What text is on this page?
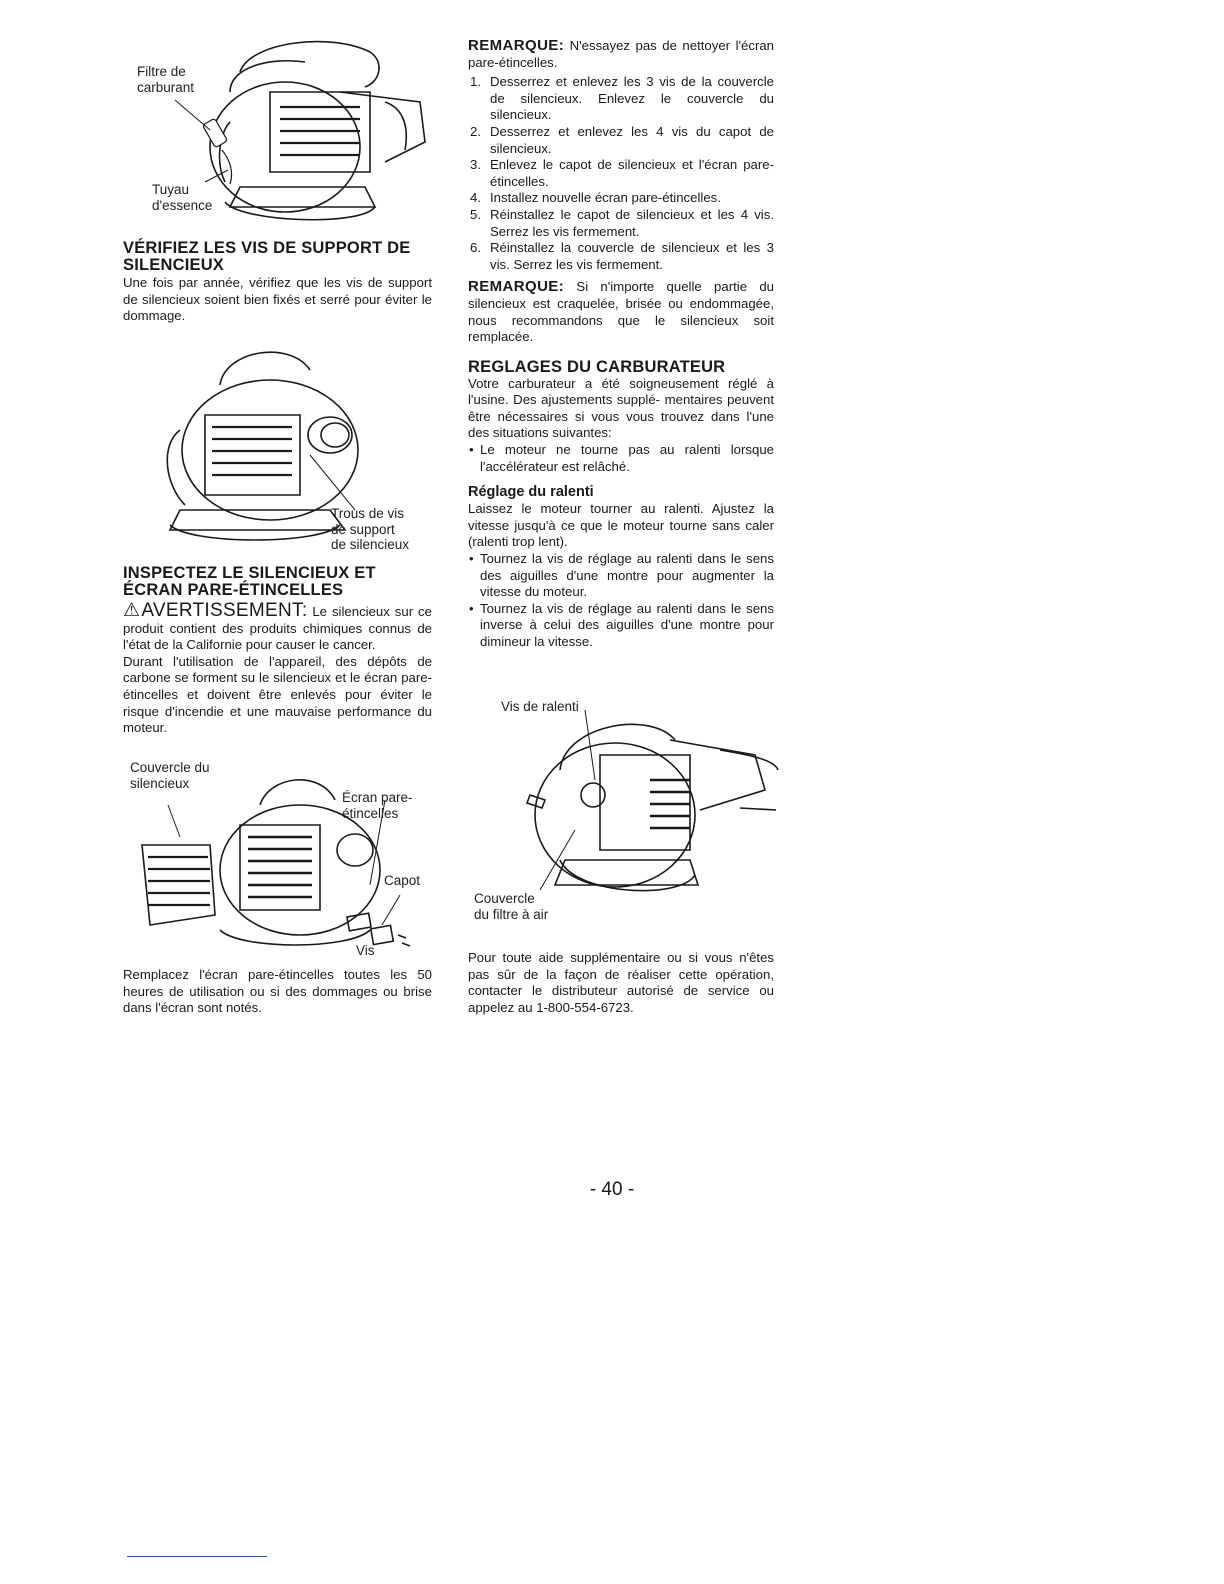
Filtre de
carburant
Tuyau
d'essence
VÉRIFIEZ LES VIS DE SUPPORT DE SILENCIEUX

Une fois par année, vérifiez que les vis de support de silencieux soient bien fixés et serré pour éviter le dommage.

Trous de vis
de support
de silencieux
INSPECTEZ LE SILENCIEUX ET ÉCRAN PARE-ÉTINCELLES

⚠AVERTISSEMENT: Le silencieux sur ce produit contient des produits chimiques connus de l'état de la Californie pour causer le cancer.

Durant l'utilisation de l'appareil, des dépôts de carbone se forment su le silencieux et le écran pare-étincelles et doivent être enlevés pour éviter le risque d'incendie et une mauvaise performance du moteur.

Couvercle du
silencieux
Écran pare-
étincelles
Capot
Vis

Remplacez l'écran pare-étincelles toutes les 50 heures de utilisation ou si des dommages ou brise dans l'écran sont notés.

REMARQUE: N'essayez pas de nettoyer l'écran pare-étincelles.

1. Desserrez et enlevez les 3 vis de la couvercle de silencieux. Enlevez le couvercle du silencieux.
2. Desserrez et enlevez les 4 vis du capot de silencieux.
3. Enlevez le capot de silencieux et l'écran pare-étincelles.
4. Installez nouvelle écran pare-étincelles.
5. Réinstallez le capot de silencieux et les 4 vis. Serrez les vis fermement.
6. Réinstallez la couvercle de silencieux et les 3 vis. Serrez les vis fermement.

REMARQUE: Si n'importe quelle partie du silencieux est craquelée, brisée ou endommagée, nous recommandons que le silencieux soit remplacée.

REGLAGES DU CARBURATEUR

Votre carburateur a été soigneusement réglé à l'usine. Des ajustements supplé- mentaires peuvent être nécessaires si vous vous trouvez dans l'une des situations suivantes:

• Le moteur ne tourne pas au ralenti lorsque l'accélérateur est relâché.
Réglage du ralenti

Laissez le moteur tourner au ralenti. Ajustez la vitesse jusqu'à ce que le moteur tourne sans caler (ralenti trop lent).

• Tournez la vis de réglage au ralenti dans le sens des aiguilles d'une montre pour augmenter la vitesse du moteur.
• Tournez la vis de réglage au ralenti dans le sens inverse à celui des aiguilles d'une montre pour dimineur la vitesse.
Vis de ralenti
Couvercle
du filtre à air

Pour toute aide supplémentaire ou si vous n'êtes pas sûr de la façon de réaliser cette opération, contacter le distributeur autorisé de service ou appelez au 1-800-554-6723.

- 40 -
